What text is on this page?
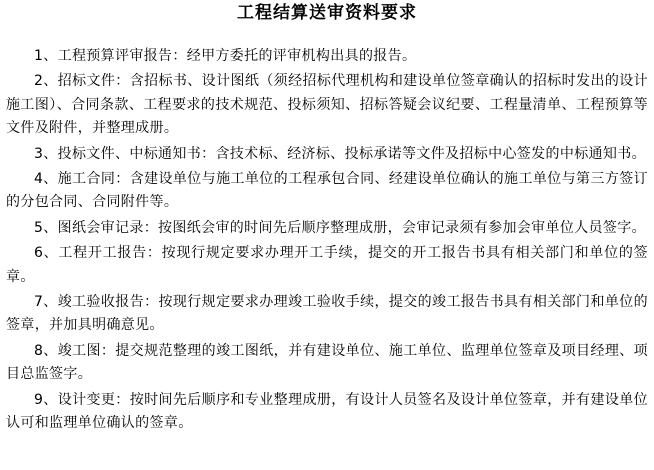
工程结算送审资料要求

1、工程预算评审报告：经甲方委托的评审机构出具的报告。

2、招标文件：含招标书、设计图纸（须经招标代理机构和建设单位签章确认的招标时发出的设计施工图）、合同条款、工程要求的技术规范、投标须知、招标答疑会议纪要、工程量清单、工程预算等文件及附件，并整理成册。

3、投标文件、中标通知书：含技术标、经济标、投标承诺等文件及招标中心签发的中标通知书。

4、施工合同：含建设单位与施工单位的工程承包合同、经建设单位确认的施工单位与第三方签订的分包合同、合同附件等。

5、图纸会审记录：按图纸会审的时间先后顺序整理成册，会审记录须有参加会审单位人员签字。

6、工程开工报告：按现行规定要求办理开工手续，提交的开工报告书具有相关部门和单位的签章。

7、竣工验收报告：按现行规定要求办理竣工验收手续，提交的竣工报告书具有相关部门和单位的签章，并加具明确意见。

8、竣工图：提交规范整理的竣工图纸，并有建设单位、施工单位、监理单位签章及项目经理、项目总监签字。

9、设计变更：按时间先后顺序和专业整理成册，有设计人员签名及设计单位签章，并有建设单位认可和监理单位确认的签章。
